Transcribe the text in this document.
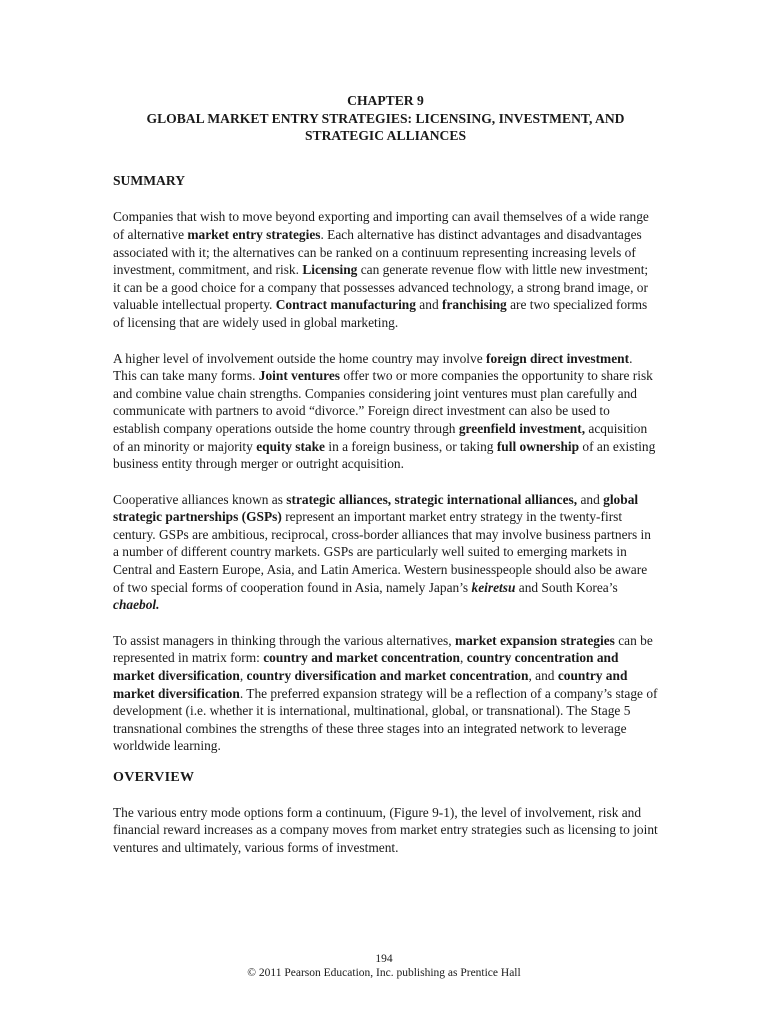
CHAPTER 9
GLOBAL MARKET ENTRY STRATEGIES: LICENSING, INVESTMENT, AND
STRATEGIC ALLIANCES
SUMMARY

Companies that wish to move beyond exporting and importing can avail themselves of a wide range of alternative market entry strategies. Each alternative has distinct advantages and disadvantages associated with it; the alternatives can be ranked on a continuum representing increasing levels of investment, commitment, and risk. Licensing can generate revenue flow with little new investment; it can be a good choice for a company that possesses advanced technology, a strong brand image, or valuable intellectual property. Contract manufacturing and franchising are two specialized forms of licensing that are widely used in global marketing.

A higher level of involvement outside the home country may involve foreign direct investment. This can take many forms. Joint ventures offer two or more companies the opportunity to share risk and combine value chain strengths. Companies considering joint ventures must plan carefully and communicate with partners to avoid “divorce.” Foreign direct investment can also be used to establish company operations outside the home country through greenfield investment, acquisition of an minority or majority equity stake in a foreign business, or taking full ownership of an existing business entity through merger or outright acquisition.

Cooperative alliances known as strategic alliances, strategic international alliances, and global strategic partnerships (GSPs) represent an important market entry strategy in the twenty-first century. GSPs are ambitious, reciprocal, cross-border alliances that may involve business partners in a number of different country markets. GSPs are particularly well suited to emerging markets in Central and Eastern Europe, Asia, and Latin America. Western businesspeople should also be aware of two special forms of cooperation found in Asia, namely Japan’s keiretsu and South Korea’s chaebol.

To assist managers in thinking through the various alternatives, market expansion strategies can be represented in matrix form: country and market concentration, country concentration and market diversification, country diversification and market concentration, and country and market diversification. The preferred expansion strategy will be a reflection of a company’s stage of development (i.e. whether it is international, multinational, global, or transnational). The Stage 5 transnational combines the strengths of these three stages into an integrated network to leverage worldwide learning.

OVERVIEW

The various entry mode options form a continuum, (Figure 9-1), the level of involvement, risk and financial reward increases as a company moves from market entry strategies such as licensing to joint ventures and ultimately, various forms of investment.

194
© 2011 Pearson Education, Inc. publishing as Prentice Hall
